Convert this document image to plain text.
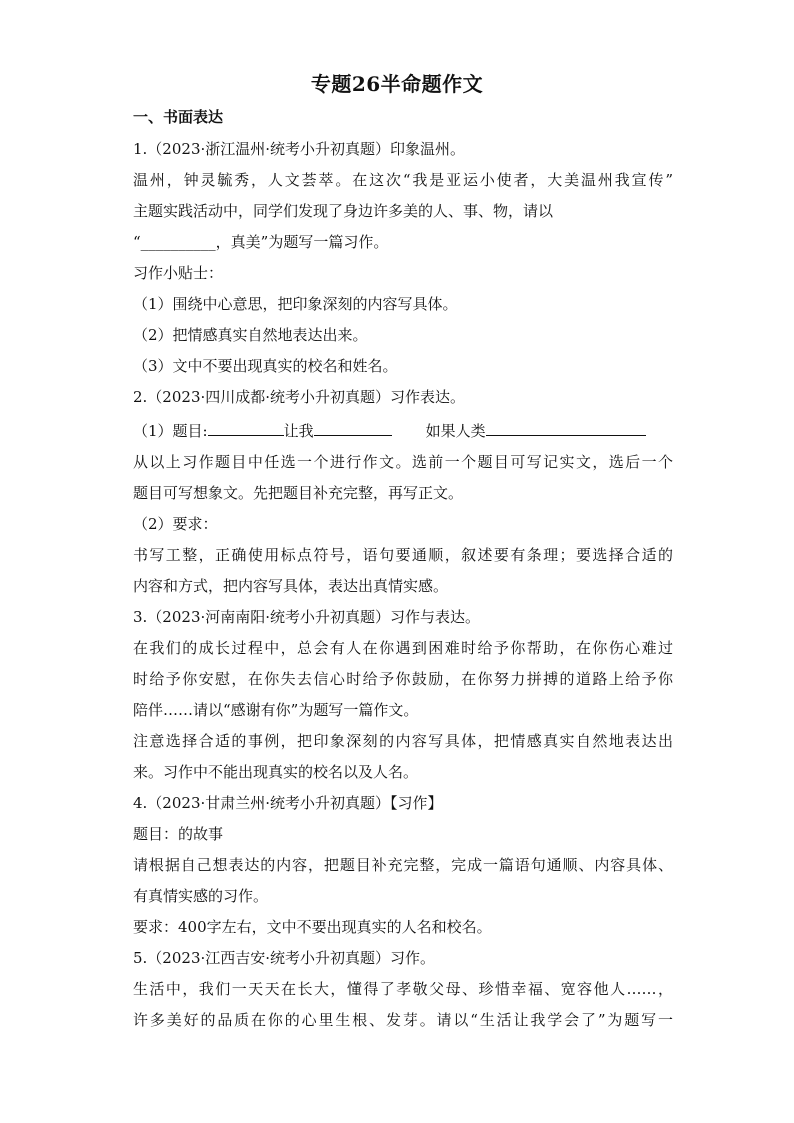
专题26半命题作文
一、书面表达
1.（2023·浙江温州·统考小升初真题）印象温州。
温州，钟灵毓秀，人文荟萃。在这次“我是亚运小使者，大美温州我宣传”
主题实践活动中，同学们发现了身边许多美的人、事、物，请以
“__________，真美”为题写一篇习作。
习作小贴士：
（1）围绕中心意思，把印象深刻的内容写具体。
（2）把情感真实自然地表达出来。
（3）文中不要出现真实的校名和姓名。
2.（2023·四川成都·统考小升初真题）习作表达。
（1）题目:	让我	如果人类
从以上习作题目中任选一个进行作文。选前一个题目可写记实文，选后一个
题目可写想象文。先把题目补充完整，再写正文。
（2）要求：
书写工整，正确使用标点符号，语句要通顺，叙述要有条理；要选择合适的
内容和方式，把内容写具体，表达出真情实感。
3.（2023·河南南阳·统考小升初真题）习作与表达。
在我们的成长过程中，总会有人在你遇到困难时给予你帮助，在你伤心难过
时给予你安慰，在你失去信心时给予你鼓励，在你努力拼搏的道路上给予你
陪伴……请以“感谢有你”为题写一篇作文。
注意选择合适的事例，把印象深刻的内容写具体，把情感真实自然地表达出
来。习作中不能出现真实的校名以及人名。
4.（2023·甘肃兰州·统考小升初真题）【习作】
题目：的故事
请根据自己想表达的内容，把题目补充完整，完成一篇语句通顺、内容具体、
有真情实感的习作。
要求：400字左右，文中不要出现真实的人名和校名。
5.（2023·江西吉安·统考小升初真题）习作。
生活中，我们一天天在长大，懂得了孝敬父母、珍惜幸福、宽容他人……，
许多美好的品质在你的心里生根、发芽。请以“生活让我学会了”为题写一
